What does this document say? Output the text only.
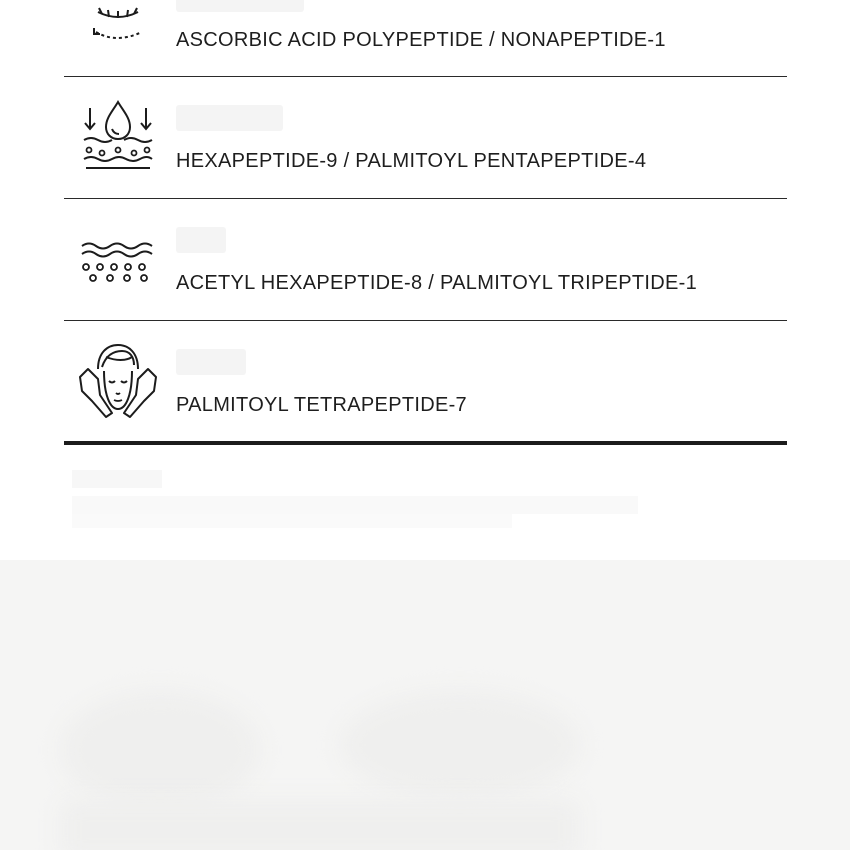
ASCORBIC ACID POLYPEPTIDE / NONAPEPTIDE-1
HEXAPEPTIDE-9 / PALMITOYL PENTAPEPTIDE-4
ACETYL HEXAPEPTIDE-8 / PALMITOYL TRIPEPTIDE-1
PALMITOYL TETRAPEPTIDE-7
